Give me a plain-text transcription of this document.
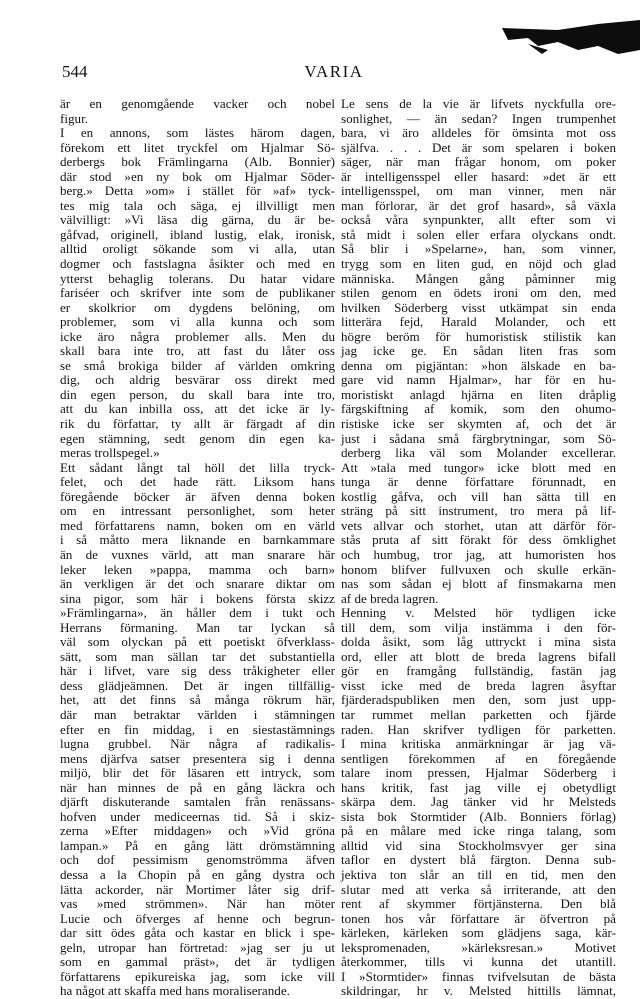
544	VARIA
är en genomgående vacker och nobel
figur.
I en annons, som lästes härom dagen,
förekom ett litet tryckfel om Hjalmar Sö-
derbergs bok Främlingarna (Alb. Bonnier)
där stod »en ny bok om Hjalmar Söder-
berg.» Detta »om» i stället för »af» tyck-
tes mig tala och säga, ej illvilligt men
välvilligt: »Vi läsa dig gärna, du är be-
gåfvad, originell, ibland lustig, elak, ironisk,
alltid oroligt sökande som vi alla, utan
dogmer och fastslagna åsikter och med en
ytterst behaglig tolerans. Du hatar vidare
fariséer och skrifver inte som de publikaner
er skolkrior om dygdens belöning, om
problemer, som vi alla kunna och som
icke äro några problemer alls. Men du
skall bara inte tro, att fast du låter oss
se små brokiga bilder af världen omkring
dig, och aldrig besvärar oss direkt med
din egen person, du skall bara inte tro,
att du kan inbilla oss, att det icke är ly-
rik du författar, ty allt är färgadt af din
egen stämning, sedt genom din egen ka-
meras trollspegel.»
Ett sådant långt tal höll det lilla tryck-
felet, och det hade rätt. Liksom hans
föregående böcker är äfven denna boken
om en intressant personlighet, som heter
med författarens namn, boken om en värld
i så måtto mera liknande en barnkammare
än de vuxnes värld, att man snarare här
leker leken »pappa, mamma och barn»
än verkligen är det och snarare diktar om
sina pigor, som här i bokens första skizz
»Främlingarna», än håller dem i tukt och
Herrans förmaning. Man tar lyckan så
väl som olyckan på ett poetiskt öfverklass-
sätt, som man sällan tar det substantiella
här i lifvet, vare sig dess tråkigheter eller
dess glädjeämnen. Det är ingen tillfällig-
het, att det finns så många rökrum här,
där man betraktar världen i stämningen
efter en fin middag, i en siestastämnings
lugna grubbel. När några af radikalis-
mens djärfva satser presentera sig i denna
miljö, blir det för läsaren ett intryck, som
när han minnes de på en gång läckra och
djärft diskuterande samtalen från renässans-
hofven under mediceernas tid. Så i skiz-
zerna »Efter middagen» och »Vid gröna
lampan.» På en gång lätt drömstämning
och dof pessimism genomströmma äfven
dessa a la Chopin på en gång dystra och
lätta ackorder, när Mortimer låter sig drif-
vas »med strömmen». När han möter
Lucie och öfverges af henne och begrun-
dar sitt ödes gåta och kastar en blick i spe-
geln, utropar han förtretad: »jag ser ju ut
som en gammal präst», det är tydligen
författarens epikureiska jag, som icke vill
ha något att skaffa med hans moraliserande.
Le sens de la vie är lifvets nyckfulla ore-
sonlighet, — än sedan? Ingen trumpenhet
bara, vi äro alldeles för ömsinta mot oss
själfva. . . . Det är som spelaren i boken
säger, när man frågar honom, om poker
är intelligensspel eller hasard: »det är ett
intelligensspel, om man vinner, men när
man förlorar, är det grof hasard», så växla
också våra synpunkter, allt efter som vi
stå midt i solen eller erfara olyckans ondt.
Så blir i »Spelarne», han, som vinner,
trygg som en liten gud, en nöjd och glad
människa. Mången gång påminner mig
stilen genom en ödets ironi om den, med
hvilken Söderberg visst utkämpat sin enda
litterära fejd, Harald Molander, och ett
högre beröm för humoristisk stilistik kan
jag icke ge. En sådan liten fras som
denna om pigjäntan: »hon älskade en ba-
gare vid namn Hjalmar», har för en hu-
moristiskt anlagd hjärna en liten dråplig
färgskiftning af komik, som den ohumo-
ristiske icke ser skymten af, och det är
just i sådana små färgbrytningar, som Sö-
derberg lika väl som Molander excellerar.
Att »tala med tungor» icke blott med en
tunga är denne författare förunnadt, en
kostlig gåfva, och vill han sätta till en
sträng på sitt instrument, tro mera på lif-
vets allvar och storhet, utan att därför för-
stås pruta af sitt förakt för dess ömklighet
och humbug, tror jag, att humoristen hos
honom blifver fullvuxen och skulle erkän-
nas som sådan ej blott af finsmakarna men
af de breda lagren.
Henning v. Melsted hör tydligen icke
till dem, som vilja instämma i den för-
dolda åsikt, som låg uttryckt i mina sista
ord, eller att blott de breda lagrens bifall
gör en framgång fullständig, fastän jag
visst icke med de breda lagren åsyftar
fjärderadspubliken men den, som just upp-
tar rummet mellan parketten och fjärde
raden. Han skrifver tydligen för parketten.
I mina kritiska anmärkningar är jag vä-
sentligen förekommen af en föregående
talare inom pressen, Hjalmar Söderberg i
hans kritik, fast jag ville ej obetydligt
skärpa dem. Jag tänker vid hr Melsteds
sista bok Stormtider (Alb. Bonniers förlag)
på en målare med icke ringa talang, som
alltid vid sina Stockholmsvyer ger sina
taflor en dystert blå färgton. Denna sub-
jektiva ton slår an till en tid, men den
slutar med att verka så irriterande, att den
rent af skymmer förtjänsterna. Den blå
tonen hos vår författare är öfvertron på
kärleken, kärleken som glädjens saga, kär-
lekspromenaden, »kärleksresan.» Motivet
återkommer, tills vi kunna det utantill.
I »Stormtider» finnas tvifvelsutan de bästa
skildringar, hr v. Melsted hittills lämnat,
